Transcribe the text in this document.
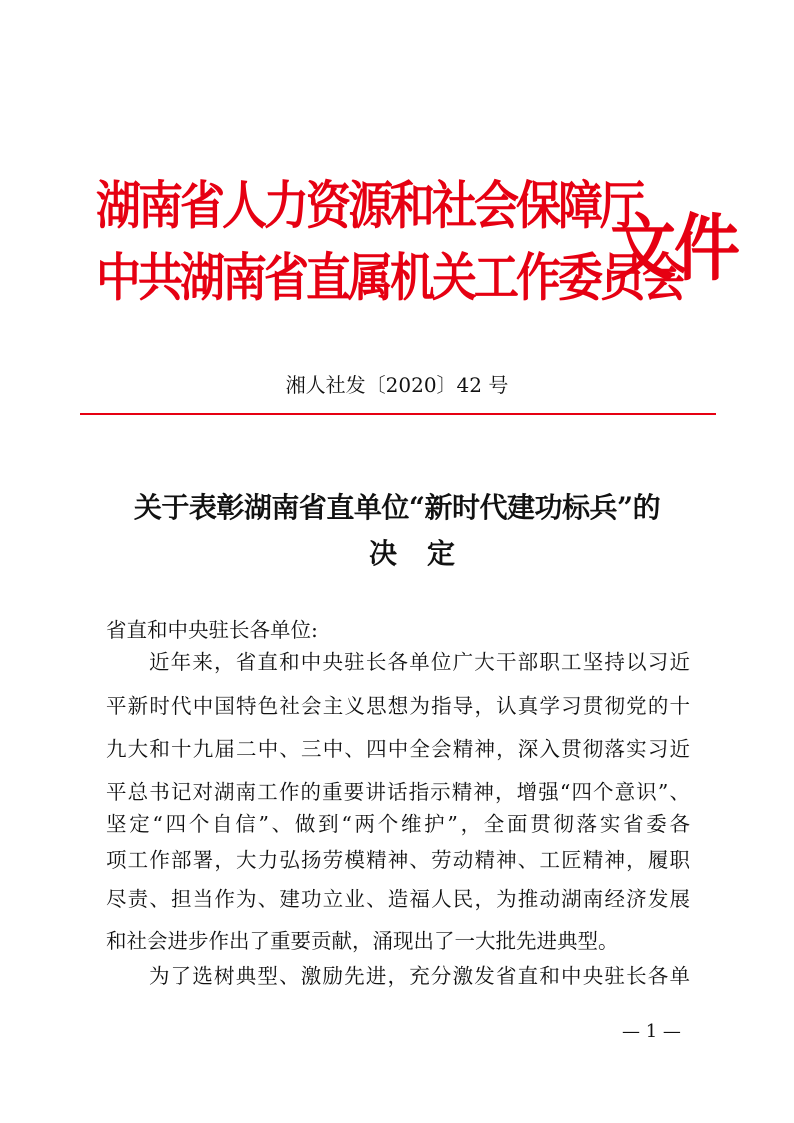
湖南省人力资源和社会保障厅
中共湖南省直属机关工作委员会
文件
湘人社发〔2020〕42 号
关于表彰湖南省直单位“新时代建功标兵”的
决定
省直和中央驻长各单位:
近年来，省直和中央驻长各单位广大干部职工坚持以习近
平新时代中国特色社会主义思想为指导，认真学习贯彻党的十
九大和十九届二中、三中、四中全会精神，深入贯彻落实习近
平总书记对湖南工作的重要讲话指示精神，增强“四个意识”、
坚定“四个自信”、做到“两个维护”，全面贯彻落实省委各
项工作部署，大力弘扬劳模精神、劳动精神、工匠精神，履职
尽责、担当作为、建功立业、造福人民，为推动湖南经济发展
和社会进步作出了重要贡献，涌现出了一大批先进典型。
为了选树典型、激励先进，充分激发省直和中央驻长各单
— 1 —
